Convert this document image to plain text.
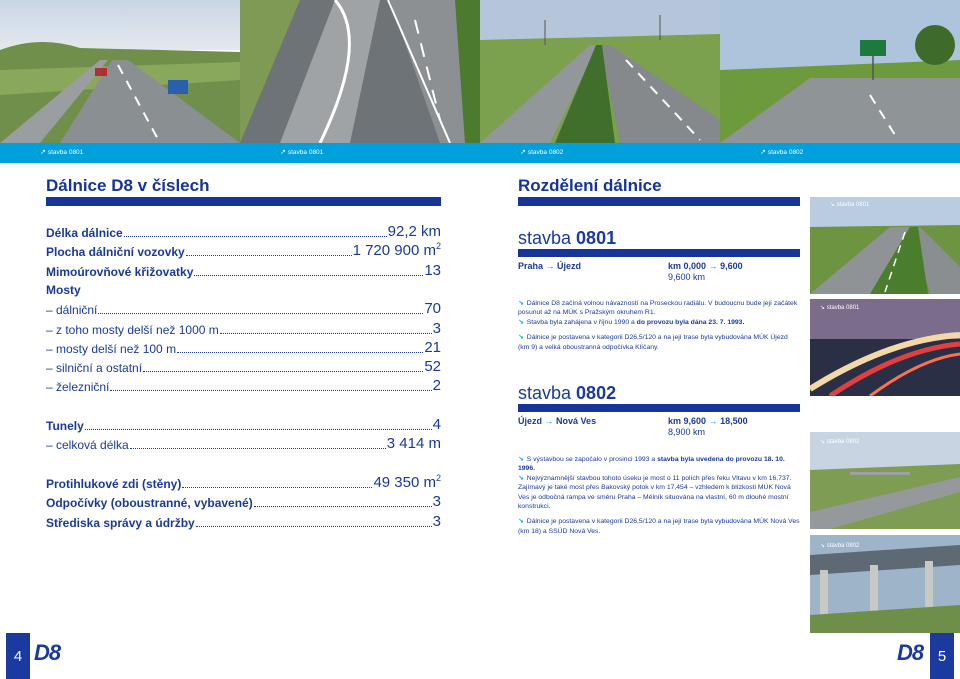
↗ stavba 0801	↗ stavba 0801	↗ stavba 0802	↗ stavba 0802
Dálnice D8 v číslech
Délka dálnice	92,2 km
Plocha dálniční vozovky	1 720 900 $m^2$
Mimoúrovňové křižovatky	13
Mosty
– dálniční	70
– z toho mosty delší než 1000 m	3
– mosty delší než 100 m	21
– silniční a ostatní	52
– železniční	2
Tunely	4
– celková délka	3 414 m
Protihlukové zdi (stěny)	49 350 $m^2$
Odpočívky (oboustranné, vybavené)	3
Střediska správy a údržby	3
4 D8
Rozdělení dálnice
stavba 0801
Praha → Újezd	km 0,000 → 9,600
9,600 km
↘ Dálnice D8 začíná volnou návazností na Proseckou radiálu. V budoucnu bude její začátek posunut až na MÚK s Pražským okruhem R1.
↘ Stavba byla zahájena v říjnu 1990 a do provozu byla dána 23. 7. 1993.
↘ Dálnice je postavena v kategorii D26,5/120 a na její trase byla vybudována MÚK Újezd (km 9) a velká oboustranná odpočívka Klíčany.
stavba 0802
Újezd → Nová Ves	km 9,600 → 18,500
8,900 km
↘ S výstavbou se započalo v prosinci 1993 a stavba byla uvedena do provozu 18. 10. 1996.
↘ Nejvýznamnější stavbou tohoto úseku je most o 11 polích přes řeku Vltavu v km 16,737. Zajímavý je také most přes Bakovský potok v km 17,454 – vzhledem k blízkosti MÚK Nová Ves je odbočná rampa ve směru Praha – Mělník situována na vlastní, 60 m dlouhé mostní konstrukci.
↘ Dálnice je postavena v kategorii D26,5/120 a na její trase byla vybudována MÚK Nová Ves (km 18) a SSÚD Nová Ves.
↘ stavba 0801
↘ stavba 0801
↘ stavba 0802
↘ stavba 0802
D8 5
